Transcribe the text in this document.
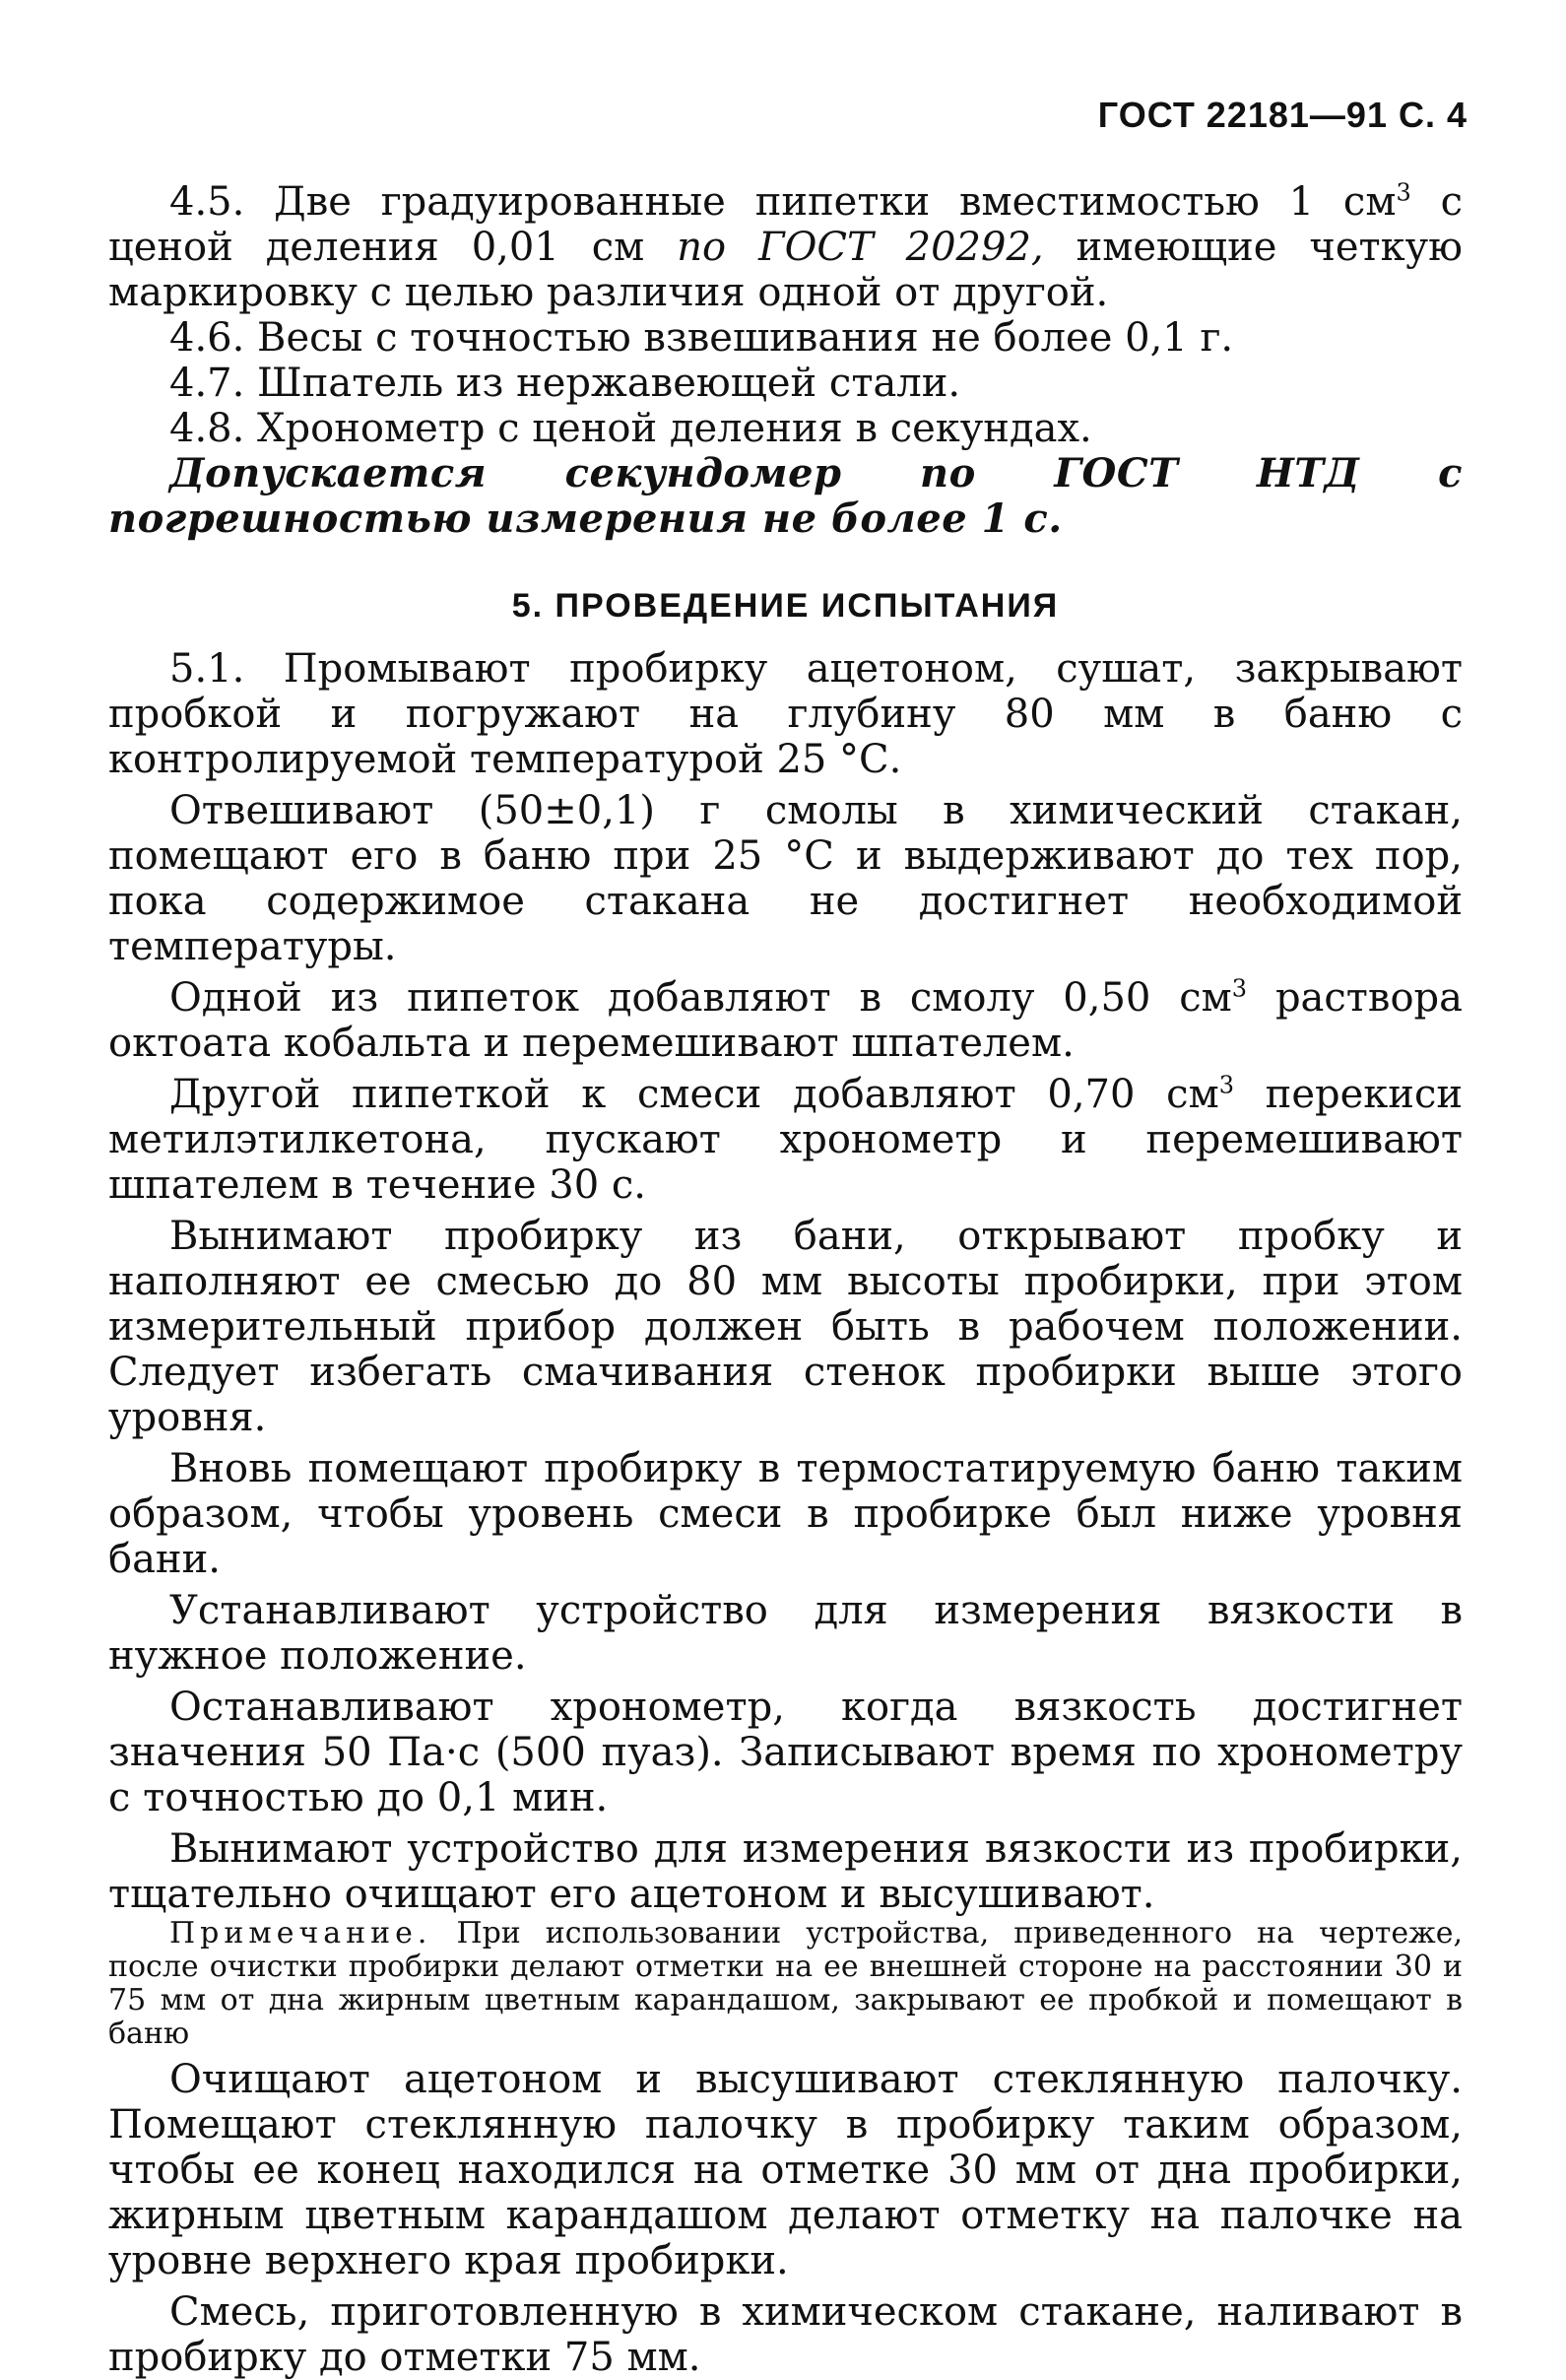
ГОСТ 22181—91 С. 4

4.5. Две градуированные пипетки вместимостью 1 $см^3$ с ценой деления 0,01 см по ГОСТ 20292, имеющие четкую маркировку с целью различия одной от другой.

4.6. Весы с точностью взвешивания не более 0,1 г.

4.7. Шпатель из нержавеющей стали.

4.8. Хронометр с ценой деления в секундах.

Допускается секундомер по ГОСТ НТД с погрешностью измерения не более 1 с.

5. ПРОВЕДЕНИЕ ИСПЫТАНИЯ

5.1. Промывают пробирку ацетоном, сушат, закрывают пробкой и погружают на глубину 80 мм в баню с контролируемой температурой 25 °С.

Отвешивают (50±0,1) г смолы в химический стакан, помещают его в баню при 25 °С и выдерживают до тех пор, пока содержимое стакана не достигнет необходимой температуры.

Одной из пипеток добавляют в смолу 0,50 $см^3$ раствора октоата кобальта и перемешивают шпателем.

Другой пипеткой к смеси добавляют 0,70 $см^3$ перекиси метилэтилкетона, пускают хронометр и перемешивают шпателем в течение 30 с.

Вынимают пробирку из бани, открывают пробку и наполняют ее смесью до 80 мм высоты пробирки, при этом измерительный прибор должен быть в рабочем положении. Следует избегать смачивания стенок пробирки выше этого уровня.

Вновь помещают пробирку в термостатируемую баню таким образом, чтобы уровень смеси в пробирке был ниже уровня бани.

Устанавливают устройство для измерения вязкости в нужное положение.

Останавливают хронометр, когда вязкость достигнет значения 50 Па·с (500 пуаз). Записывают время по хронометру с точностью до 0,1 мин.

Вынимают устройство для измерения вязкости из пробирки, тщательно очищают его ацетоном и высушивают.

Примечание. При использовании устройства, приведенного на чертеже, после очистки пробирки делают отметки на ее внешней стороне на расстоянии 30 и 75 мм от дна жирным цветным карандашом, закрывают ее пробкой и помещают в баню

Очищают ацетоном и высушивают стеклянную палочку. Помещают стеклянную палочку в пробирку таким образом, чтобы ее конец находился на отметке 30 мм от дна пробирки, жирным цветным карандашом делают отметку на палочке на уровне верхнего края пробирки.

Смесь, приготовленную в химическом стакане, наливают в пробирку до отметки 75 мм.
